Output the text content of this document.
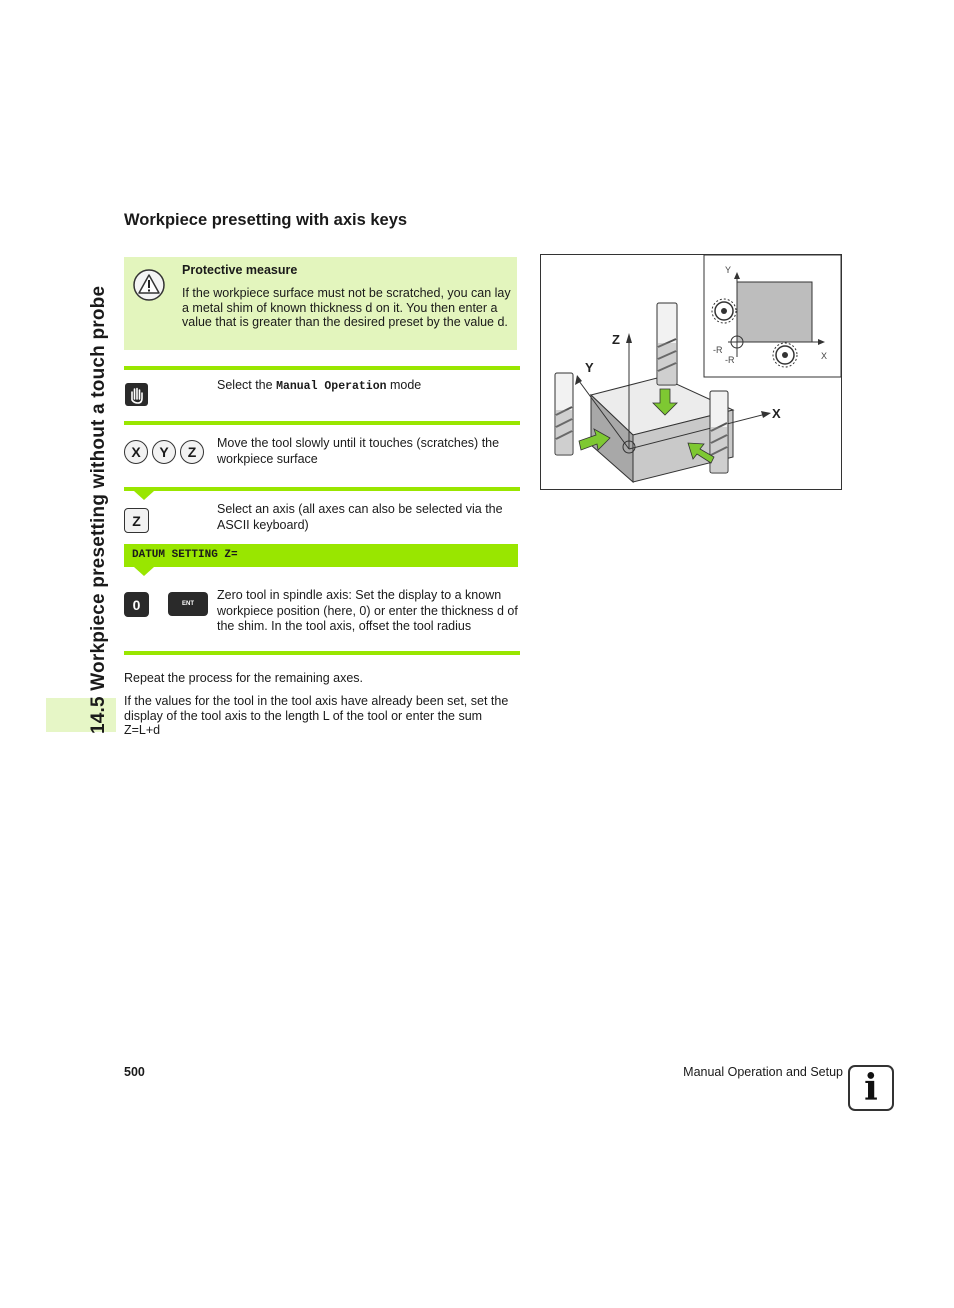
14.5 Workpiece presetting without a touch probe
Workpiece presetting with axis keys
Protective measure
If the workpiece surface must not be scratched, you can lay a metal shim of known thickness d on it. You then enter a value that is greater than the desired preset by the value d.
Select the Manual Operation mode
X	Y	Z
Move the tool slowly until it touches (scratches) the workpiece surface
Z
Select an axis (all axes can also be selected via the ASCII keyboard)
DATUM SETTING Z=
0	ENT
Zero tool in spindle axis: Set the display to a known workpiece position (here, 0) or enter the thickness d of the shim. In the tool axis, offset the tool radius
Repeat the process for the remaining axes.
If the values for the tool in the tool axis have already been set, set the display of the tool axis to the length L of the tool or enter the sum Z=L+d
Y
X
-R
-R
Z
Y
X
500	Manual Operation and Setup i
